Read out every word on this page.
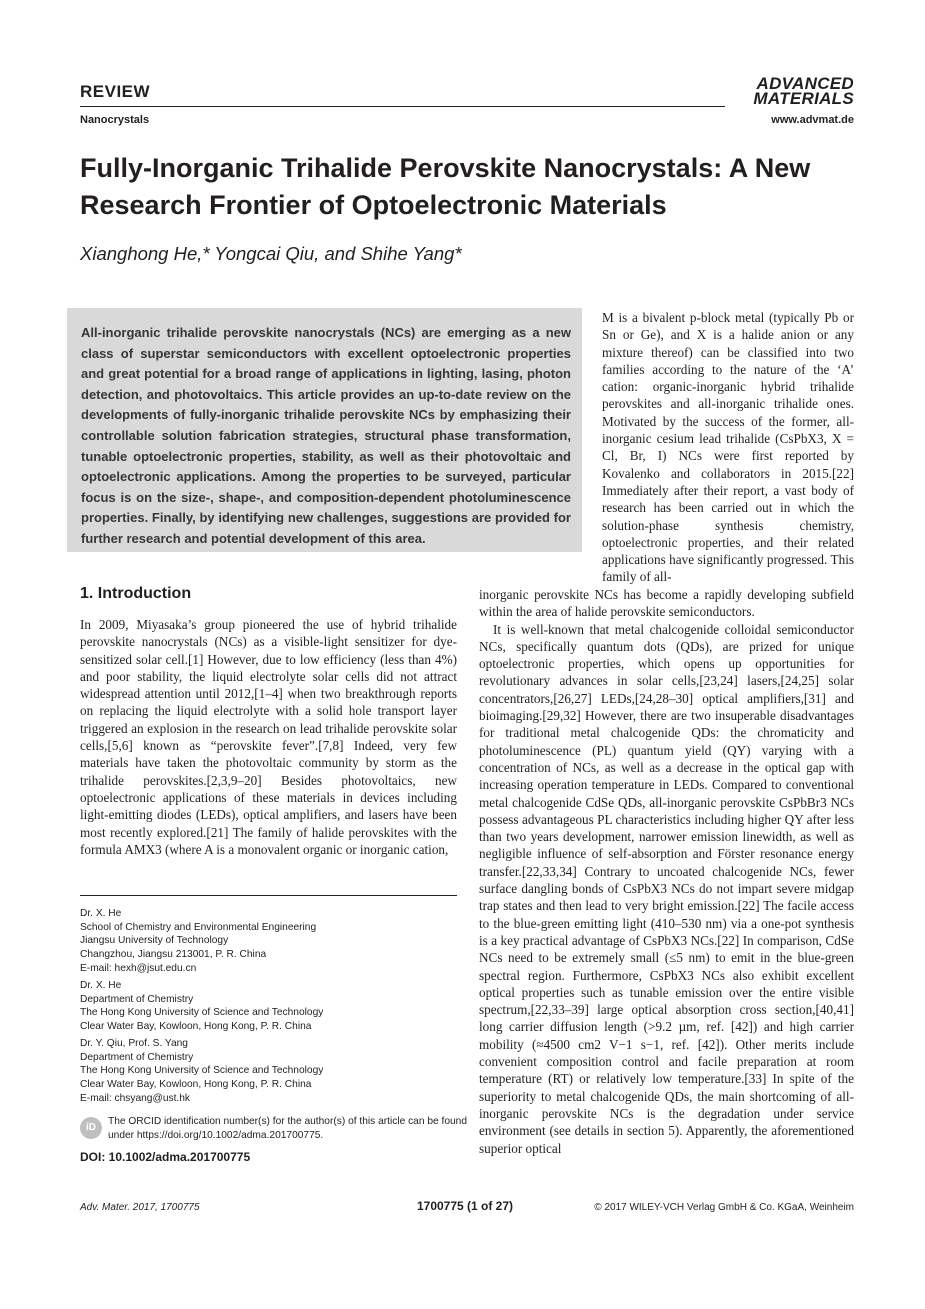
REVIEW
Nanocrystals
ADVANCED
MATERIALS
www.advmat.de
Fully-Inorganic Trihalide Perovskite Nanocrystals: A New Research Frontier of Optoelectronic Materials
Xianghong He,* Yongcai Qiu, and Shihe Yang*
All-inorganic trihalide perovskite nanocrystals (NCs) are emerging as a new class of superstar semiconductors with excellent optoelectronic properties and great potential for a broad range of applications in lighting, lasing, photon detection, and photovoltaics. This article provides an up-to-date review on the developments of fully-inorganic trihalide perovskite NCs by emphasizing their controllable solution fabrication strategies, structural phase transformation, tunable optoelectronic properties, stability, as well as their photovoltaic and optoelectronic applications. Among the properties to be surveyed, particular focus is on the size-, shape-, and composition-dependent photoluminescence properties. Finally, by identifying new challenges, suggestions are provided for further research and potential development of this area.

M is a bivalent p-block metal (typically Pb or Sn or Ge), and X is a halide anion or any mixture thereof) can be classified into two families according to the nature of the ‘A’ cation: organic-inorganic hybrid trihalide perovskites and all-inorganic trihalide ones. Motivated by the success of the former, all-inorganic cesium lead trihalide (CsPbX3, X = Cl, Br, I) NCs were first reported by Kovalenko and collaborators in 2015.[22] Immediately after their report, a vast body of research has been carried out in which the solution-phase synthesis chemistry, optoelectronic properties, and their related applications have significantly progressed. This family of all-

1. Introduction

In 2009, Miyasaka’s group pioneered the use of hybrid trihalide perovskite nanocrystals (NCs) as a visible-light sensitizer for dye-sensitized solar cell.[1] However, due to low efficiency (less than 4%) and poor stability, the liquid electrolyte solar cells did not attract widespread attention until 2012,[1–4] when two breakthrough reports on replacing the liquid electrolyte with a solid hole transport layer triggered an explosion in the research on lead trihalide perovskite solar cells,[5,6] known as “perovskite fever”.[7,8] Indeed, very few materials have taken the photovoltaic community by storm as the trihalide perovskites.[2,3,9–20] Besides photovoltaics, new optoelectronic applications of these materials in devices including light-emitting diodes (LEDs), optical amplifiers, and lasers have been most recently explored.[21] The family of halide perovskites with the formula AMX3 (where A is a monovalent organic or inorganic cation,

inorganic perovskite NCs has become a rapidly developing subfield within the area of halide perovskite semiconductors.

It is well-known that metal chalcogenide colloidal semiconductor NCs, specifically quantum dots (QDs), are prized for unique optoelectronic properties, which opens up opportunities for revolutionary advances in solar cells,[23,24] lasers,[24,25] solar concentrators,[26,27] LEDs,[24,28–30] optical amplifiers,[31] and bioimaging.[29,32] However, there are two insuperable disadvantages for traditional metal chalcogenide QDs: the chromaticity and photoluminescence (PL) quantum yield (QY) varying with a concentration of NCs, as well as a decrease in the optical gap with increasing operation temperature in LEDs. Compared to conventional metal chalcogenide CdSe QDs, all-inorganic perovskite CsPbBr3 NCs possess advantageous PL characteristics including higher QY after less than two years development, narrower emission linewidth, as well as negligible influence of self-absorption and Förster resonance energy transfer.[22,33,34] Contrary to uncoated chalcogenide NCs, fewer surface dangling bonds of CsPbX3 NCs do not impart severe midgap trap states and then lead to very bright emission.[22] The facile access to the blue-green emitting light (410–530 nm) via a one-pot synthesis is a key practical advantage of CsPbX3 NCs.[22] In comparison, CdSe NCs need to be extremely small (≤5 nm) to emit in the blue-green spectral region. Furthermore, CsPbX3 NCs also exhibit excellent optical properties such as tunable emission over the entire visible spectrum,[22,33–39] large optical absorption cross section,[40,41] long carrier diffusion length (>9.2 µm, ref. [42]) and high carrier mobility (≈4500 cm2 V−1 s−1, ref. [42]). Other merits include convenient composition control and facile preparation at room temperature (RT) or relatively low temperature.[33] In spite of the superiority to metal chalcogenide QDs, the main shortcoming of all-inorganic perovskite NCs is the degradation under service environment (see details in section 5). Apparently, the aforementioned superior optical

Dr. X. He
School of Chemistry and Environmental Engineering
Jiangsu University of Technology
Changzhou, Jiangsu 213001, P. R. China
E-mail: hexh@jsut.edu.cn
Dr. X. He
Department of Chemistry
The Hong Kong University of Science and Technology
Clear Water Bay, Kowloon, Hong Kong, P. R. China
Dr. Y. Qiu, Prof. S. Yang
Department of Chemistry
The Hong Kong University of Science and Technology
Clear Water Bay, Kowloon, Hong Kong, P. R. China
E-mail: chsyang@ust.hk
iD
The ORCID identification number(s) for the author(s) of this article can be found under https://doi.org/10.1002/adma.201700775.
DOI: 10.1002/adma.201700775
Adv. Mater. 2017, 1700775	1700775 (1 of 27)	© 2017 WILEY-VCH Verlag GmbH & Co. KGaA, Weinheim
